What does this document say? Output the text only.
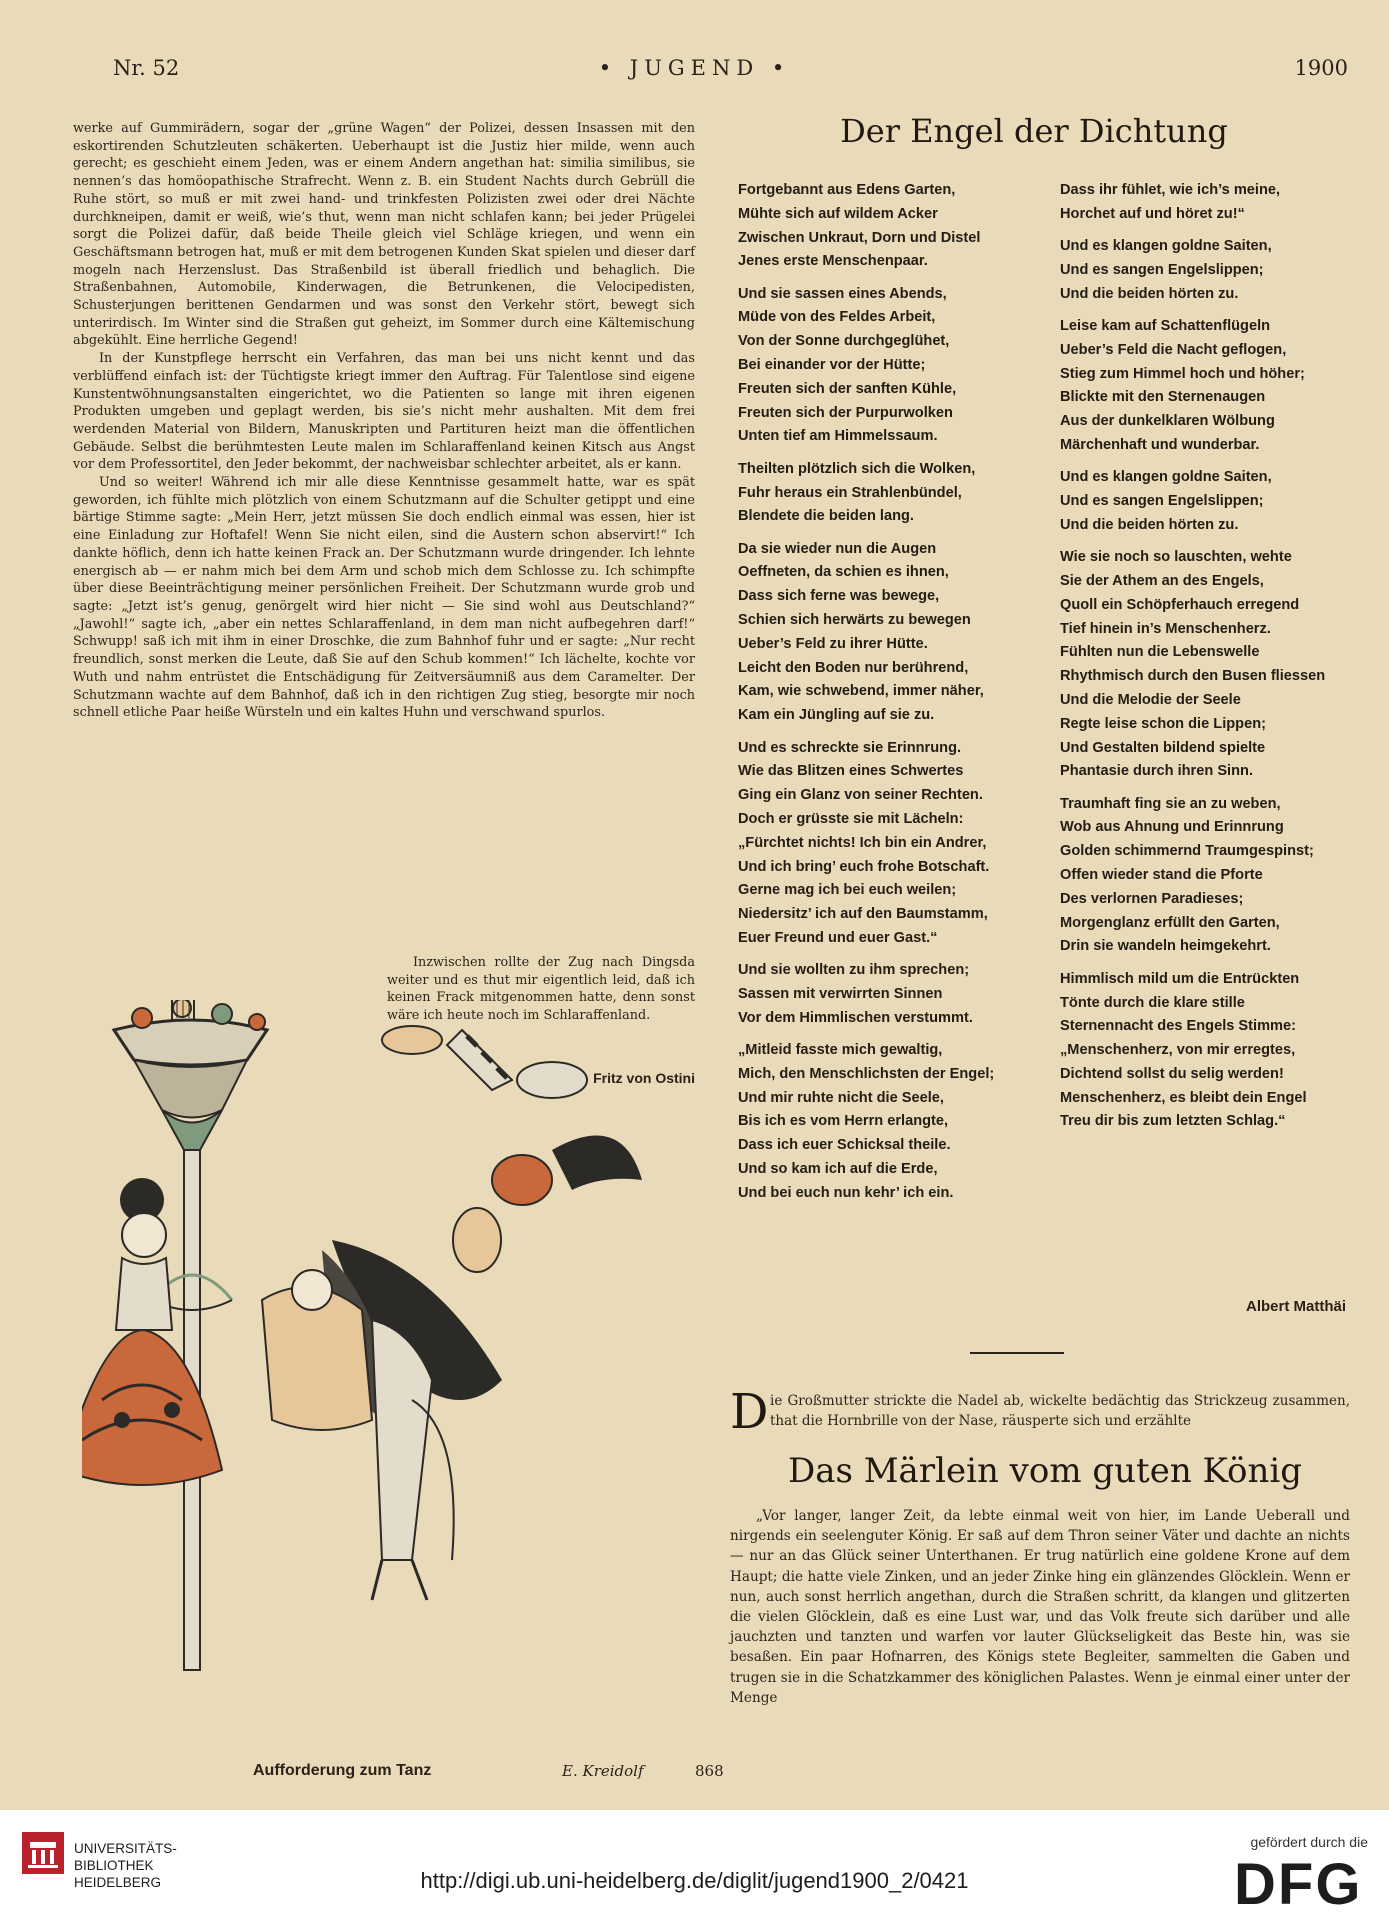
Nr. 52	• JUGEND •	1900

werke auf Gummirädern, sogar der „grüne Wagen“ der Polizei, dessen Insassen mit den eskortirenden Schutzleuten schäkerten. Ueberhaupt ist die Justiz hier milde, wenn auch gerecht; es geschieht einem Jeden, was er einem Andern angethan hat: similia similibus, sie nennen’s das homöopathische Strafrecht. Wenn z. B. ein Student Nachts durch Gebrüll die Ruhe stört, so muß er mit zwei hand- und trinkfesten Polizisten zwei oder drei Nächte durchkneipen, damit er weiß, wie’s thut, wenn man nicht schlafen kann; bei jeder Prügelei sorgt die Polizei dafür, daß beide Theile gleich viel Schläge kriegen, und wenn ein Geschäftsmann betrogen hat, muß er mit dem betrogenen Kunden Skat spielen und dieser darf mogeln nach Herzenslust. Das Straßenbild ist überall friedlich und behaglich. Die Straßenbahnen, Automobile, Kinderwagen, die Betrunkenen, die Velocipedisten, Schusterjungen berittenen Gendarmen und was sonst den Verkehr stört, bewegt sich unterirdisch. Im Winter sind die Straßen gut geheizt, im Sommer durch eine Kältemischung abgekühlt. Eine herrliche Gegend!

In der Kunstpflege herrscht ein Verfahren, das man bei uns nicht kennt und das verblüffend einfach ist: der Tüchtigste kriegt immer den Auftrag. Für Talentlose sind eigene Kunstentwöhnungsanstalten eingerichtet, wo die Patienten so lange mit ihren eigenen Produkten umgeben und geplagt werden, bis sie’s nicht mehr aushalten. Mit dem frei werdenden Material von Bildern, Manuskripten und Partituren heizt man die öffentlichen Gebäude. Selbst die berühmtesten Leute malen im Schlaraffenland keinen Kitsch aus Angst vor dem Professortitel, den Jeder bekommt, der nachweisbar schlechter arbeitet, als er kann.

Und so weiter! Während ich mir alle diese Kenntnisse gesammelt hatte, war es spät geworden, ich fühlte mich plötzlich von einem Schutzmann auf die Schulter getippt und eine bärtige Stimme sagte: „Mein Herr, jetzt müssen Sie doch endlich einmal was essen, hier ist eine Einladung zur Hoftafel! Wenn Sie nicht eilen, sind die Austern schon abservirt!“ Ich dankte höflich, denn ich hatte keinen Frack an. Der Schutzmann wurde dringender. Ich lehnte energisch ab — er nahm mich bei dem Arm und schob mich dem Schlosse zu. Ich schimpfte über diese Beeinträchtigung meiner persönlichen Freiheit. Der Schutzmann wurde grob und sagte: „Jetzt ist’s genug, genörgelt wird hier nicht — Sie sind wohl aus Deutschland?“ „Jawohl!“ sagte ich, „aber ein nettes Schlaraffenland, in dem man nicht aufbegehren darf!“ Schwupp! saß ich mit ihm in einer Droschke, die zum Bahnhof fuhr und er sagte: „Nur recht freundlich, sonst merken die Leute, daß Sie auf den Schub kommen!“ Ich lächelte, kochte vor Wuth und nahm entrüstet die Entschädigung für Zeitversäumniß aus dem Caramelter. Der Schutzmann wachte auf dem Bahnhof, daß ich in den richtigen Zug stieg, besorgte mir noch schnell etliche Paar heiße Würsteln und ein kaltes Huhn und verschwand spurlos.

Inzwischen rollte der Zug nach Dingsda weiter und es thut mir eigentlich leid, daß ich keinen Frack mitgenommen hatte, denn sonst wäre ich heute noch im Schlaraffenland.

Fritz von Ostini
Der Engel der Dichtung
Fortgebannt aus Edens Garten,
Mühte sich auf wildem Acker
Zwischen Unkraut, Dorn und Distel
Jenes erste Menschenpaar.
Und sie sassen eines Abends,
Müde von des Feldes Arbeit,
Von der Sonne durchgeglühet,
Bei einander vor der Hütte;
Freuten sich der sanften Kühle,
Freuten sich der Purpurwolken
Unten tief am Himmelssaum.
Theilten plötzlich sich die Wolken,
Fuhr heraus ein Strahlenbündel,
Blendete die beiden lang.
Da sie wieder nun die Augen
Oeffneten, da schien es ihnen,
Dass sich ferne was bewege,
Schien sich herwärts zu bewegen
Ueber’s Feld zu ihrer Hütte.
Leicht den Boden nur berührend,
Kam, wie schwebend, immer näher,
Kam ein Jüngling auf sie zu.
Und es schreckte sie Erinnrung.
Wie das Blitzen eines Schwertes
Ging ein Glanz von seiner Rechten.
Doch er grüsste sie mit Lächeln:
„Fürchtet nichts! Ich bin ein Andrer,
Und ich bring’ euch frohe Botschaft.
Gerne mag ich bei euch weilen;
Niedersitz’ ich auf den Baumstamm,
Euer Freund und euer Gast.“
Und sie wollten zu ihm sprechen;
Sassen mit verwirrten Sinnen
Vor dem Himmlischen verstummt.
„Mitleid fasste mich gewaltig,
Mich, den Menschlichsten der Engel;
Und mir ruhte nicht die Seele,
Bis ich es vom Herrn erlangte,
Dass ich euer Schicksal theile.
Und so kam ich auf die Erde,
Und bei euch nun kehr’ ich ein.
Dass ihr fühlet, wie ich’s meine,
Horchet auf und höret zu!“
Und es klangen goldne Saiten,
Und es sangen Engelslippen;
Und die beiden hörten zu.
Leise kam auf Schattenflügeln
Ueber’s Feld die Nacht geflogen,
Stieg zum Himmel hoch und höher;
Blickte mit den Sternenaugen
Aus der dunkelklaren Wölbung
Märchenhaft und wunderbar.
Und es klangen goldne Saiten,
Und es sangen Engelslippen;
Und die beiden hörten zu.
Wie sie noch so lauschten, wehte
Sie der Athem an des Engels,
Quoll ein Schöpferhauch erregend
Tief hinein in’s Menschenherz.
Fühlten nun die Lebenswelle
Rhythmisch durch den Busen fliessen
Und die Melodie der Seele
Regte leise schon die Lippen;
Und Gestalten bildend spielte
Phantasie durch ihren Sinn.
Traumhaft fing sie an zu weben,
Wob aus Ahnung und Erinnrung
Golden schimmernd Traumgespinst;
Offen wieder stand die Pforte
Des verlornen Paradieses;
Morgenglanz erfüllt den Garten,
Drin sie wandeln heimgekehrt.
Himmlisch mild um die Entrückten
Tönte durch die klare stille
Sternennacht des Engels Stimme:
„Menschenherz, von mir erregtes,
Dichtend sollst du selig werden!
Menschenherz, es bleibt dein Engel
Treu dir bis zum letzten Schlag.“
Albert Matthäi
D ie Großmutter strickte die Nadel ab, wickelte bedächtig das Strickzeug zusammen, that die Hornbrille von der Nase, räusperte sich und erzählte
Das Märlein vom guten König

„Vor langer, langer Zeit, da lebte einmal weit von hier, im Lande Ueberall und nirgends ein seelenguter König. Er saß auf dem Thron seiner Väter und dachte an nichts — nur an das Glück seiner Unterthanen. Er trug natürlich eine goldene Krone auf dem Haupt; die hatte viele Zinken, und an jeder Zinke hing ein glänzendes Glöcklein. Wenn er nun, auch sonst herrlich angethan, durch die Straßen schritt, da klangen und glitzerten die vielen Glöcklein, daß es eine Lust war, und das Volk freute sich darüber und alle jauchzten und tanzten und warfen vor lauter Glückseligkeit das Beste hin, was sie besaßen. Ein paar Hofnarren, des Königs stete Begleiter, sammelten die Gaben und trugen sie in die Schatzkammer des königlichen Palastes. Wenn je einmal einer unter der Menge

Aufforderung zum Tanz	E. Kreidolf	868
UNIVERSITÄTS-
BIBLIOTHEK
HEIDELBERG	http://digi.ub.uni-heidelberg.de/diglit/jugend1900_2/0421
gefördert durch die
DFG
